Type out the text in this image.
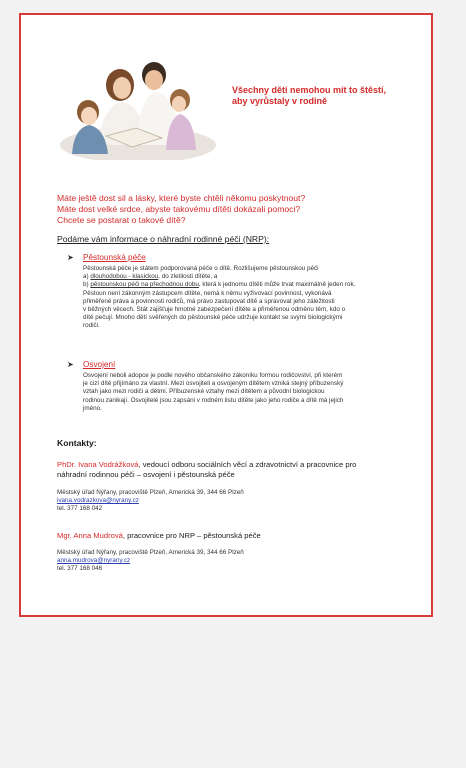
Všechny děti nemohou mít to štěstí,
aby vyrůstaly v rodině
Máte ještě dost sil a lásky, které byste chtěli někomu poskytnout?
Máte dost velké srdce, abyste takovému dítěti dokázali pomoci?
Chcete se postarat o takové dítě?
Podáme vám informace o náhradní rodinné péči (NRP):
➤ Pěstounská péče
Pěstounská péče je státem podporovaná péče o dítě. Rozlišujeme pěstounskou péči
a) dlouhodobou - klasickou, do zletilosti dítěte, a
b) pěstounskou péči na přechodnou dobu, která k jednomu dítěti může trvat maximálně jeden rok.
Pěstoun není zákonným zástupcem dítěte, nemá k němu vyživovací povinnost, vykonává
přiměřeně práva a povinnosti rodičů, má právo zastupovat dítě a spravovat jeho záležitosti
v běžných věcech. Stát zajišťuje hmotné zabezpečení dítěte a přiměřenou odměnu těm, kdo o
dítě pečují. Mnoho dětí svěřených do pěstounské péče udržuje kontakt se svými biologickými
rodiči.
➤ Osvojení
Osvojení neboli adopce je podle nového občanského zákoníku formou rodičovství, při kterém
je cizí dítě přijímáno za vlastní. Mezi osvojiteli a osvojeným dítětem vzniká stejný příbuzenský
vztah jako mezi rodiči a dětmi. Příbuzenské vztahy mezi dítětem a původní biologickou
rodinou zanikají. Osvojitelé jsou zapsáni v rodném listu dítěte jako jeho rodiče a dítě má jejich
jméno.
Kontakty:
PhDr. Ivana Vodrážková, vedoucí odboru sociálních věcí a zdravotnictví a pracovnice pro
náhradní rodinnou péči – osvojení i pěstounská péče
Městský úřad Nýřany, pracoviště Plzeň, Americká 39, 344 66 Plzeň
ivana.vodrazkova@nyrany.cz
tel. 377 168 042
Mgr. Anna Mudrová, pracovnice pro NRP – pěstounská péče
Městský úřad Nýřany, pracoviště Plzeň, Americká 39, 344 66 Plzeň
anna.mudrova@nyrany.cz
tel. 377 168 046
